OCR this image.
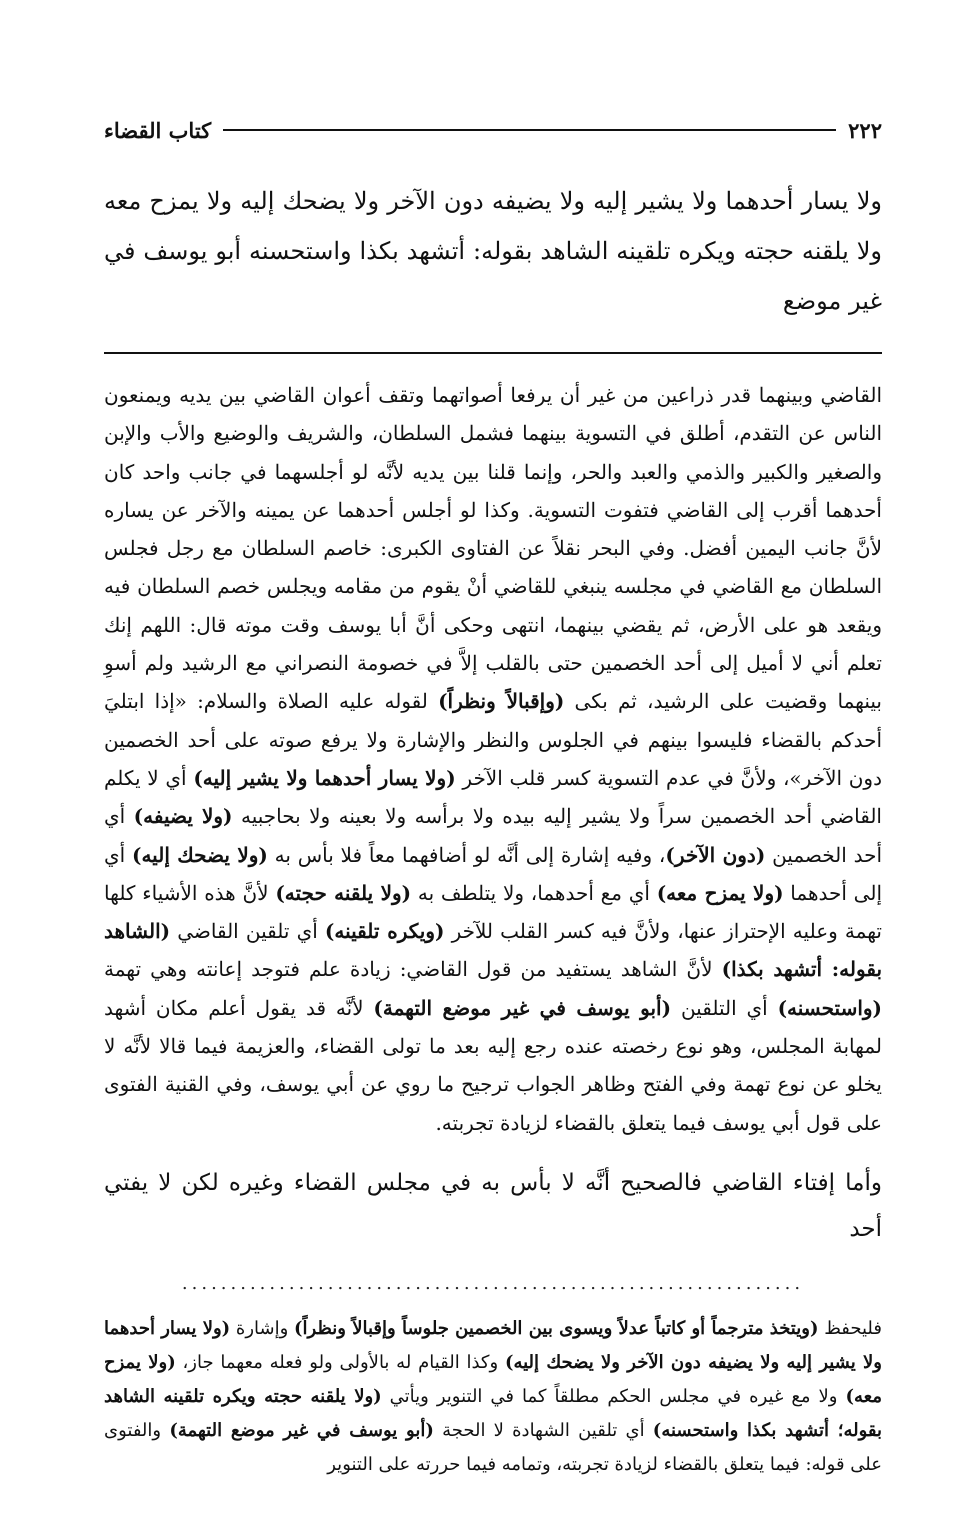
٢٢٢
كتاب القضاء

ولا يسار أحدهما ولا يشير إليه ولا يضيفه دون الآخر ولا يضحك إليه ولا يمزح معه ولا يلقنه حجته ويكره تلقينه الشاهد بقوله: أتشهد بكذا واستحسنه أبو يوسف في غير موضع

القاضي وبينهما قدر ذراعين من غير أن يرفعا أصواتهما وتقف أعوان القاضي بين يديه ويمنعون الناس عن التقدم، أطلق في التسوية بينهما فشمل السلطان، والشريف والوضيع والأب والإبن والصغير والكبير والذمي والعبد والحر، وإنما قلنا بين يديه لأنَّه لو أجلسهما في جانب واحد كان أحدهما أقرب إلى القاضي فتفوت التسوية. وكذا لو أجلس أحدهما عن يمينه والآخر عن يساره لأنَّ جانب اليمين أفضل. وفي البحر نقلاً عن الفتاوى الكبرى: خاصم السلطان مع رجل فجلس السلطان مع القاضي في مجلسه ينبغي للقاضي أنْ يقوم من مقامه ويجلس خصم السلطان فيه ويقعد هو على الأرض، ثم يقضي بينهما، انتهى وحكى أنَّ أبا يوسف وقت موته قال: اللهم إنك تعلم أني لا أميل إلى أحد الخصمين حتى بالقلب إلاَّ في خصومة النصراني مع الرشيد ولم أسوِ بينهما وقضيت على الرشيد، ثم بكى (وإقبالاً ونظراً) لقوله عليه الصلاة والسلام: «إذا ابتليَ أحدكم بالقضاء فليسوا بينهم في الجلوس والنظر والإشارة ولا يرفع صوته على أحد الخصمين دون الآخر»، ولأنَّ في عدم التسوية كسر قلب الآخر (ولا يسار أحدهما ولا يشير إليه) أي لا يكلم القاضي أحد الخصمين سراً ولا يشير إليه بيده ولا برأسه ولا بعينه ولا بحاجبيه (ولا يضيفه) أي أحد الخصمين (دون الآخر)، وفيه إشارة إلى أنَّه لو أضافهما معاً فلا بأس به (ولا يضحك إليه) أي إلى أحدهما (ولا يمزح معه) أي مع أحدهما، ولا يتلطف به (ولا يلقنه حجته) لأنَّ هذه الأشياء كلها تهمة وعليه الإحتراز عنها، ولأنَّ فيه كسر القلب للآخر (ويكره تلقينه) أي تلقين القاضي (الشاهد بقوله: أتشهد بكذا) لأنَّ الشاهد يستفيد من قول القاضي: زيادة علم فتوجد إعانته وهي تهمة (واستحسنه) أي التلقين (أبو يوسف في غير موضع التهمة) لأنَّه قد يقول أعلم مكان أشهد لمهابة المجلس، وهو نوع رخصته عنده رجع إليه بعد ما تولى القضاء، والعزيمة فيما قالا لأنَّه لا يخلو عن نوع تهمة وفي الفتح وظاهر الجواب ترجيح ما روي عن أبي يوسف، وفي القنية الفتوى على قول أبي يوسف فيما يتعلق بالقضاء لزيادة تجربته.

وأما إفتاء القاضي فالصحيح أنَّه لا بأس به في مجلس القضاء وغيره لكن لا يفتي أحد

................................................................

فليحفظ (ويتخذ مترجماً أو كاتباً عدلاً ويسوى بين الخصمين جلوساً وإقبالاً ونظراً) وإشارة (ولا يسار أحدهما ولا يشير إليه ولا يضيفه دون الآخر ولا يضحك إليه) وكذا القيام له بالأولى ولو فعله معهما جاز، (ولا يمزح معه) ولا مع غيره في مجلس الحكم مطلقاً كما في التنوير ويأتي (ولا يلقنه حجته ويكره تلقينه الشاهد بقوله؛ أتشهد بكذا واستحسنه) أي تلقين الشهادة لا الحجة (أبو يوسف في غير موضع التهمة) والفتوى على قوله: فيما يتعلق بالقضاء لزيادة تجربته، وتمامه فيما حررته على التنوير
